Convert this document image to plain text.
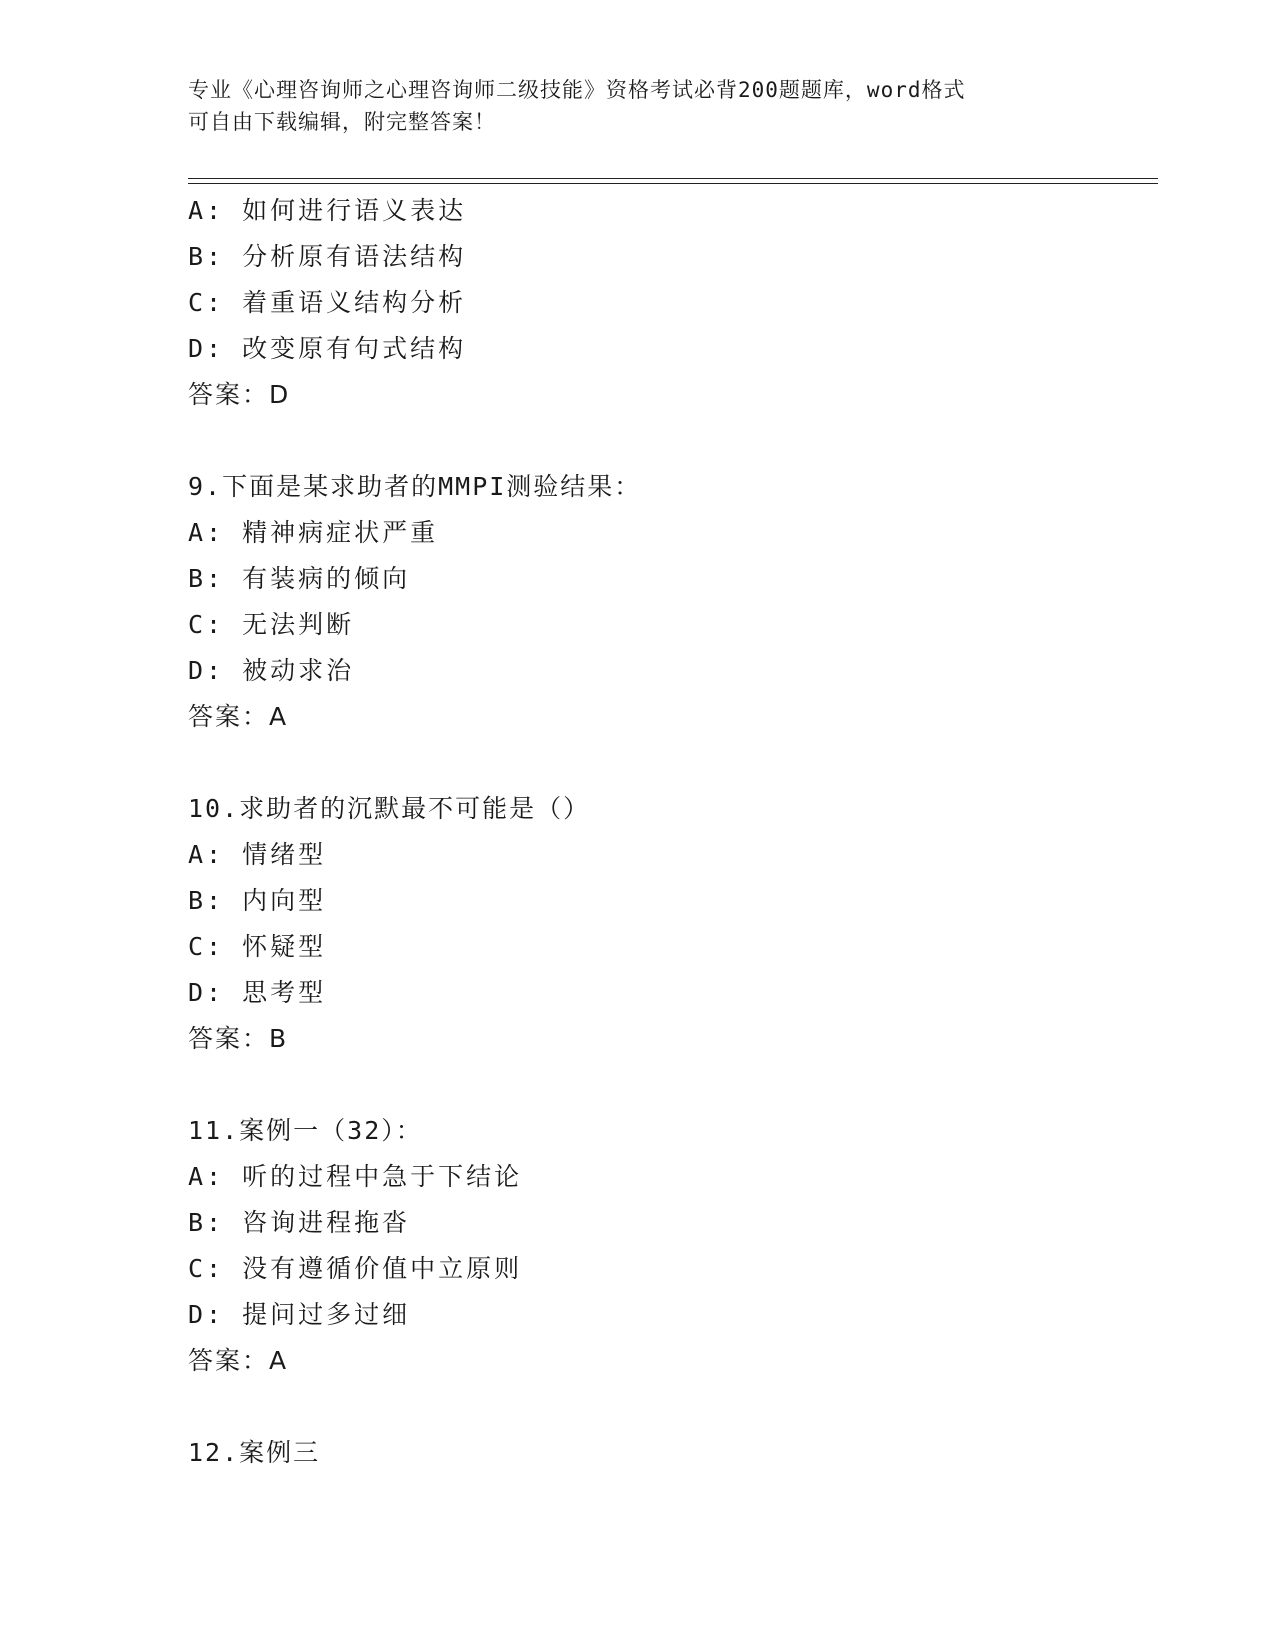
专业《心理咨询师之心理咨询师二级技能》资格考试必背200题题库，word格式
可自由下载编辑，附完整答案！
A: 如何进行语义表达
B: 分析原有语法结构
C: 着重语义结构分析
D: 改变原有句式结构
答案：D
9.下面是某求助者的MMPI测验结果：
A: 精神病症状严重
B: 有装病的倾向
C: 无法判断
D: 被动求治
答案：A
10.求助者的沉默最不可能是（）
A: 情绪型
B: 内向型
C: 怀疑型
D: 思考型
答案：B
11.案例一（32）：
A: 听的过程中急于下结论
B: 咨询进程拖沓
C: 没有遵循价值中立原则
D: 提问过多过细
答案：A
12.案例三
